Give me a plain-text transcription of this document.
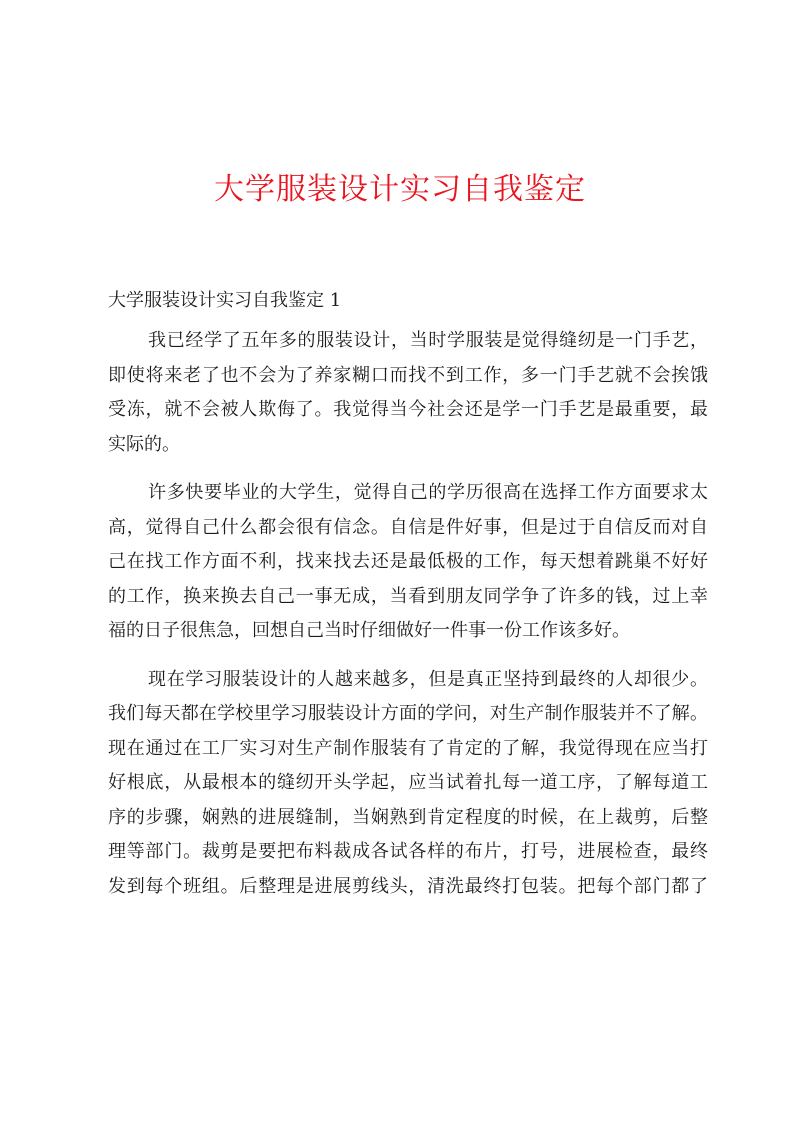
大学服装设计实习自我鉴定
大学服装设计实习自我鉴定 1
我已经学了五年多的服装设计，当时学服装是觉得缝纫是一门手艺，
即使将来老了也不会为了养家糊口而找不到工作，多一门手艺就不会挨饿
受冻，就不会被人欺侮了。我觉得当今社会还是学一门手艺是最重要，最
实际的。
许多快要毕业的大学生，觉得自己的学历很高在选择工作方面要求太
高，觉得自己什么都会很有信念。自信是件好事，但是过于自信反而对自
己在找工作方面不利，找来找去还是最低极的工作，每天想着跳巢不好好
的工作，换来换去自己一事无成，当看到朋友同学争了许多的钱，过上幸
福的日子很焦急，回想自己当时仔细做好一件事一份工作该多好。
现在学习服装设计的人越来越多，但是真正坚持到最终的人却很少。
我们每天都在学校里学习服装设计方面的学问，对生产制作服装并不了解。
现在通过在工厂实习对生产制作服装有了肯定的了解，我觉得现在应当打
好根底，从最根本的缝纫开头学起，应当试着扎每一道工序，了解每道工
序的步骤，娴熟的进展缝制，当娴熟到肯定程度的时候，在上裁剪，后整
理等部门。裁剪是要把布料裁成各试各样的布片，打号，进展检查，最终
发到每个班组。后整理是进展剪线头，清洗最终打包装。把每个部门都了
